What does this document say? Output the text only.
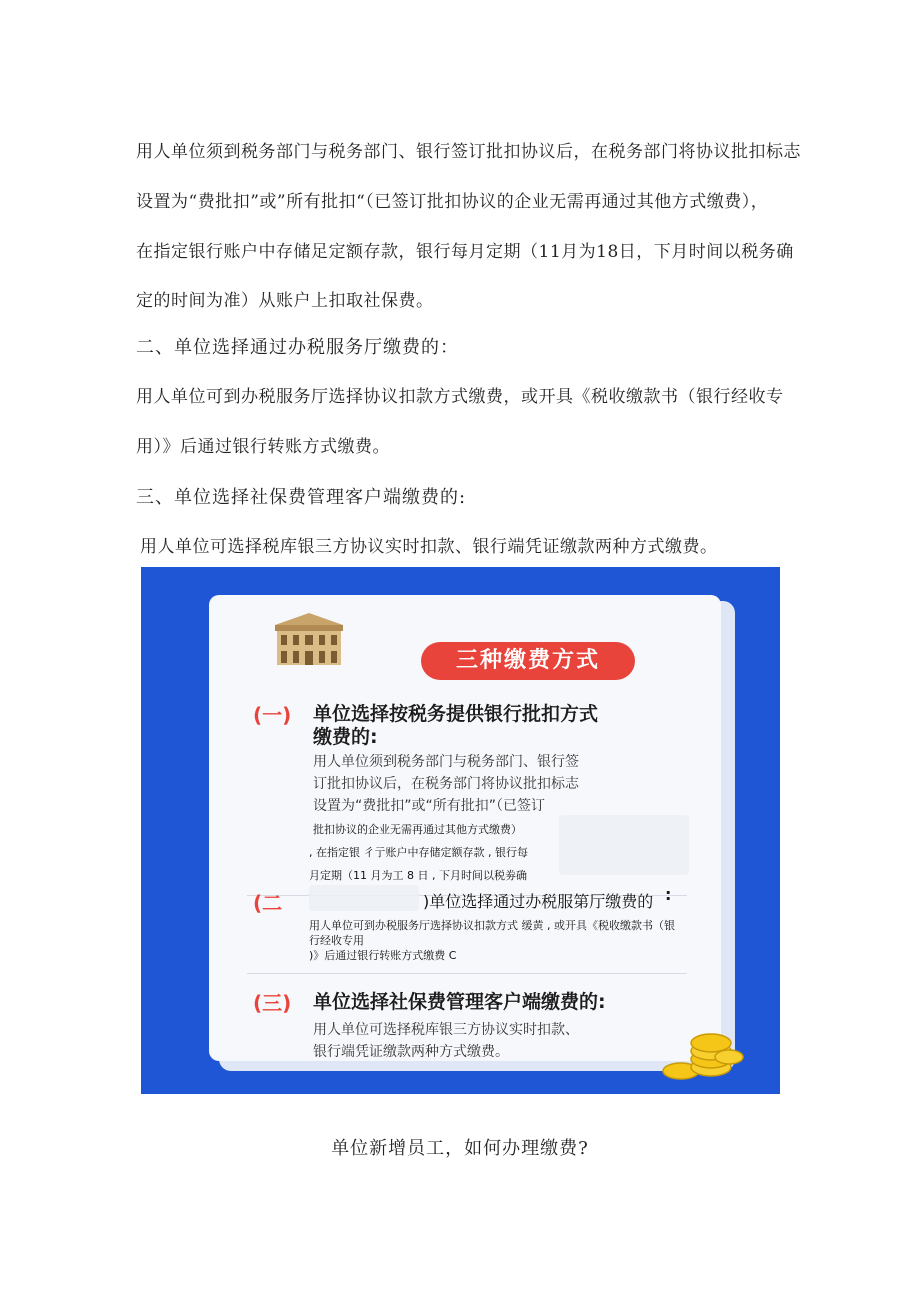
用人单位须到税务部门与税务部门、银行签订批扣协议后，在税务部门将协议批扣标志
设置为“费批扣”或”所有批扣“（已签订批扣协议的企业无需再通过其他方式缴费），
在指定银行账户中存储足定额存款，银行每月定期（11月为18日，下月时间以税务确
定的时间为准）从账户上扣取社保费。
二、单位选择通过办税服务厅缴费的：
用人单位可到办税服务厅选择协议扣款方式缴费，或开具《税收缴款书（银行经收专
用）》后通过银行转账方式缴费。
三、单位选择社保费管理客户端缴费的:
用人单位可选择税库银三方协议实时扣款、银行端凭证缴款两种方式缴费。
三种缴费方式
(一) 单位选择按税务提供银行批扣方式
缴费的:
用人单位须到税务部门与税务部门、银行签
订批扣协议后，在税务部门将协议批扣标志
设置为“费批扣”或“所有批扣”（已签订
批扣协议的企业无需再通过其他方式缴费）
, 在指定银 彳亍账户中存储定额存款 , 银行每
月定期（11 月为工 8 日 , 下月时间以税劵确
(二	)单位选择通过办税服第厅缴费的 :
用人单位可到办税服务厅选择协议扣款方式 缓黄 , 或开具《税收缴款书（银
行经收专用
)》后通过银行转账方式缴费 C
(三) 单位选择社保费管理客户端缴费的:
用人单位可选择税库银三方协议实时扣款、
银行端凭证缴款两种方式缴费。
单位新增员工，如何办理缴费?
